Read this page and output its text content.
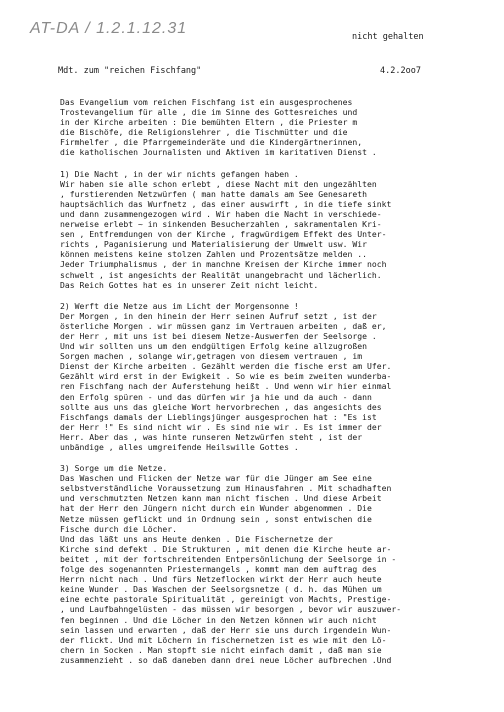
AT-DA / 1.2.1.12.31	nicht gehalten
Mdt. zum "reichen Fischfang"	4.2.2oo7
Das Evangelium vom reichen Fischfang ist ein ausgesprochenes
Trostevangelium für alle , die im Sinne des Gottesreiches und
in der Kirche arbeiten : Die bemühten Eltern , die Priester m
die Bischöfe, die Religionslehrer , die Tischmütter und die
Firmhelfer , die Pfarrgemeinderäte und die Kindergärtnerinnen,
die katholischen Journalisten und Aktiven im karitativen Dienst .
1) Die Nacht , in der wir nichts gefangen haben .
Wir haben sie alle schon erlebt , diese Nacht mit den ungezählten
, furstierenden Netzwürfen ( man hatte damals am See Genesareth
hauptsächlich das Wurfnetz , das einer auswirft , in die tiefe sinkt
und dann zusammengezogen wird . Wir haben die Nacht in verschiede-
nerweise erlebt ~ in sinkenden Besucherzahlen , sakramentalen Kri-
sen , Entfremdungen von der Kirche , fragwürdigem Effekt des Unter-
richts , Paganisierung und Materialisierung der Umwelt usw. Wir
können meistens keine stolzen Zahlen und Prozentsätze melden ..
Jeder Triumphalismus , der in manchne Kreisen der Kirche immer noch
schwelt , ist angesichts der Realität unangebracht und lächerlich.
Das Reich Gottes hat es in unserer Zeit nicht leicht.
2) Werft die Netze aus im Licht der Morgensonne !
Der Morgen , in den hinein der Herr seinen Aufruf setzt , ist der
österliche Morgen . wir müssen ganz im Vertrauen arbeiten , daß er,
der Herr , mit uns ist bei diesem Netze-Auswerfen der Seelsorge .
Und wir sollten uns um den endgültigen Erfolg keine allzugroßen
Sorgen machen , solange wir,getragen von diesem vertrauen , im
Dienst der Kirche arbeiten . Gezählt werden die fische erst am Ufer.
Gezählt wird erst in der Ewigkeit . So wie es beim zweiten wunderba-
ren Fischfang nach der Auferstehung heißt . Und wenn wir hier einmal
den Erfolg spüren - und das dürfen wir ja hie und da auch - dann
sollte aus uns das gleiche Wort hervorbrechen , das angesichts des
Fischfangs damals der Lieblingsjünger ausgesprochen hat : "Es ist
der Herr !" Es sind nicht wir . Es sind nie wir . Es ist immer der
Herr. Aber das , was hinte runseren Netzwürfen steht , ist der
unbändige , alles umgreifende Heilswille Gottes .
3) Sorge um die Netze.
Das Waschen und Flicken der Netze war für die Jünger am See eine
selbstverständliche Voraussetzung zum Hinausfahren . Mit schadhaften
und verschmutzten Netzen kann man nicht fischen . Und diese Arbeit
hat der Herr den Jüngern nicht durch ein Wunder abgenommen . Die
Netze müssen geflickt und in Ordnung sein , sonst entwischen die
Fische durch die Löcher.
Und das läßt uns ans Heute denken . Die Fischernetze der
Kirche sind defekt . Die Strukturen , mit denen die Kirche heute ar-
beitet , mit der fortschreitenden Entpersönlichung der Seelsorge in -
folge des sogenannten Priestermangels , kommt man dem auftrag des
Herrn nicht nach . Und fürs Netzeflocken wirkt der Herr auch heute
keine Wunder . Das Waschen der Seelsorgsnetze ( d. h. das Mühen um
eine echte pastorale Spiritualität , gereinigt von Machts, Prestige-
, und Laufbahngelüsten - das müssen wir besorgen , bevor wir auszuwer-
fen beginnen . Und die Löcher in den Netzen können wir auch nicht
sein lassen und erwarten , daß der Herr sie uns durch irgendein Wun-
der flickt. Und mit Löchern in fischernetzen ist es wie mit den Lö-
chern in Socken . Man stopft sie nicht einfach damit , daß man sie
zusammenzieht . so daß daneben dann drei neue Löcher aufbrechen .Und
